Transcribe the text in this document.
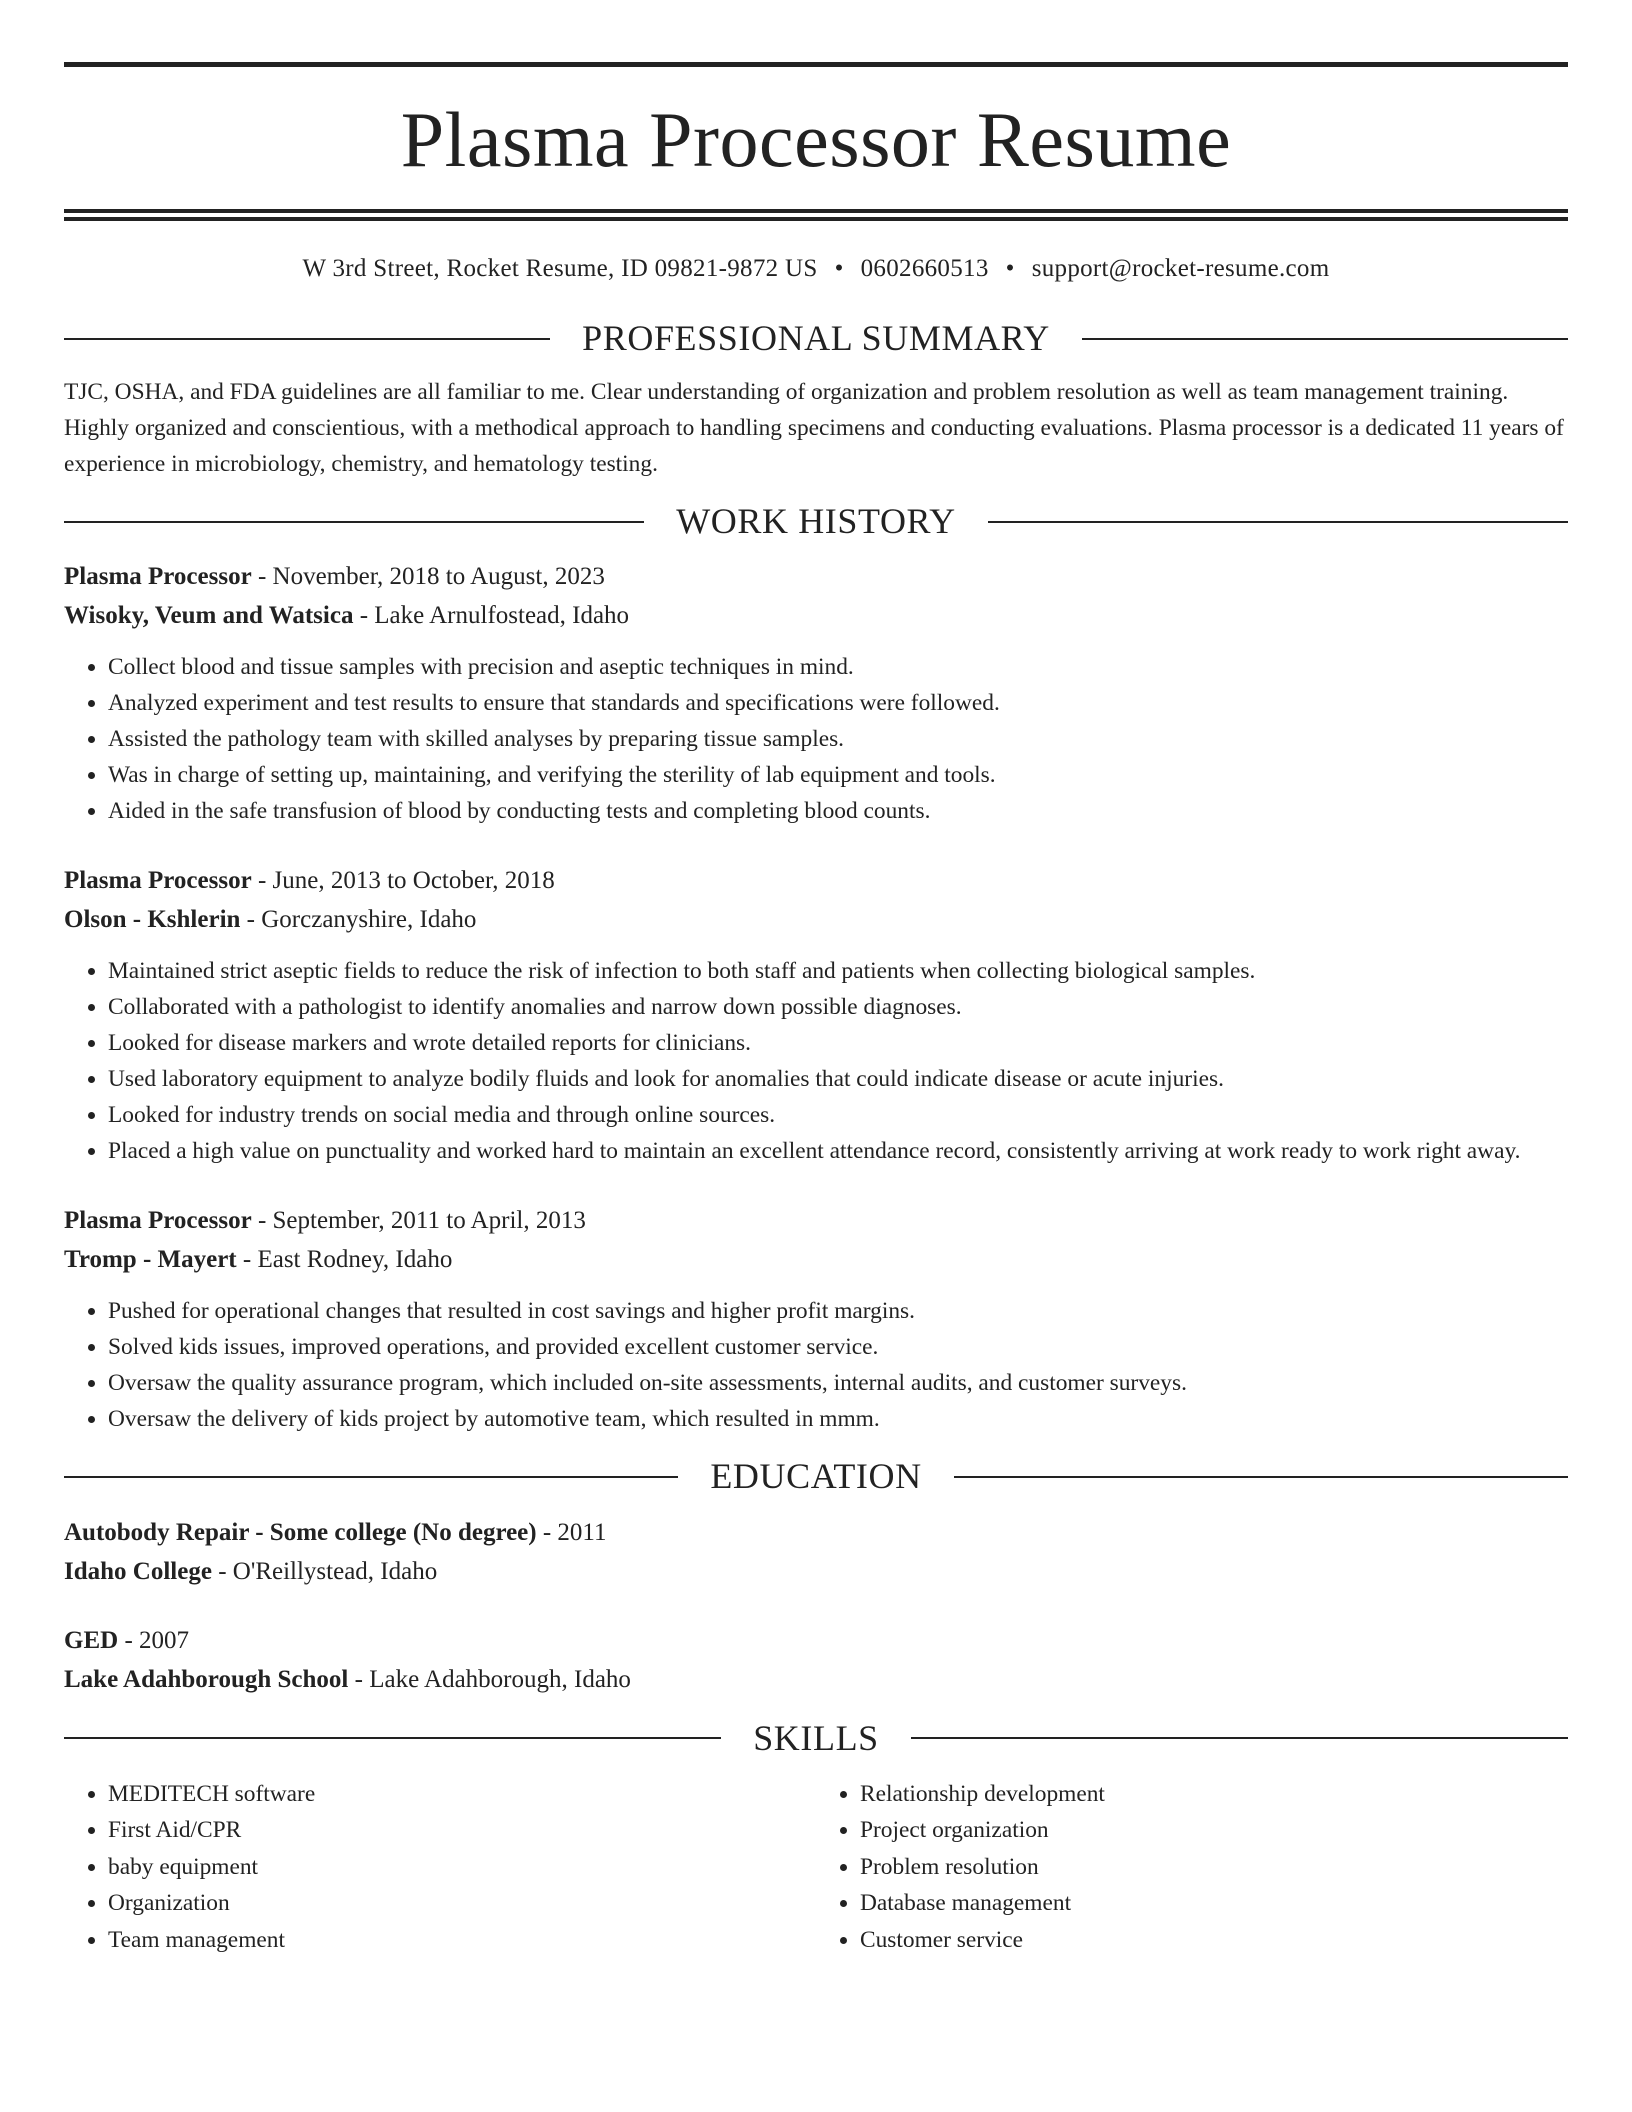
Plasma Processor Resume
W 3rd Street, Rocket Resume, ID 09821-9872 US • 0602660513 • support@rocket-resume.com
PROFESSIONAL SUMMARY

TJC, OSHA, and FDA guidelines are all familiar to me. Clear understanding of organization and problem resolution as well as team management training. Highly organized and conscientious, with a methodical approach to handling specimens and conducting evaluations. Plasma processor is a dedicated 11 years of experience in microbiology, chemistry, and hematology testing.

WORK HISTORY
Plasma Processor - November, 2018 to August, 2023
Wisoky, Veum and Watsica - Lake Arnulfostead, Idaho
• Collect blood and tissue samples with precision and aseptic techniques in mind.
• Analyzed experiment and test results to ensure that standards and specifications were followed.
• Assisted the pathology team with skilled analyses by preparing tissue samples.
• Was in charge of setting up, maintaining, and verifying the sterility of lab equipment and tools.
• Aided in the safe transfusion of blood by conducting tests and completing blood counts.
Plasma Processor - June, 2013 to October, 2018
Olson - Kshlerin - Gorczanyshire, Idaho
• Maintained strict aseptic fields to reduce the risk of infection to both staff and patients when collecting biological samples.
• Collaborated with a pathologist to identify anomalies and narrow down possible diagnoses.
• Looked for disease markers and wrote detailed reports for clinicians.
• Used laboratory equipment to analyze bodily fluids and look for anomalies that could indicate disease or acute injuries.
• Looked for industry trends on social media and through online sources.
• Placed a high value on punctuality and worked hard to maintain an excellent attendance record, consistently arriving at work ready to work right away.
Plasma Processor - September, 2011 to April, 2013
Tromp - Mayert - East Rodney, Idaho
• Pushed for operational changes that resulted in cost savings and higher profit margins.
• Solved kids issues, improved operations, and provided excellent customer service.
• Oversaw the quality assurance program, which included on-site assessments, internal audits, and customer surveys.
• Oversaw the delivery of kids project by automotive team, which resulted in mmm.
EDUCATION
Autobody Repair - Some college (No degree) - 2011
Idaho College - O'Reillystead, Idaho
GED - 2007
Lake Adahborough School - Lake Adahborough, Idaho
SKILLS
• MEDITECH software
• First Aid/CPR
• baby equipment
• Organization
• Team management
• Relationship development
• Project organization
• Problem resolution
• Database management
• Customer service
